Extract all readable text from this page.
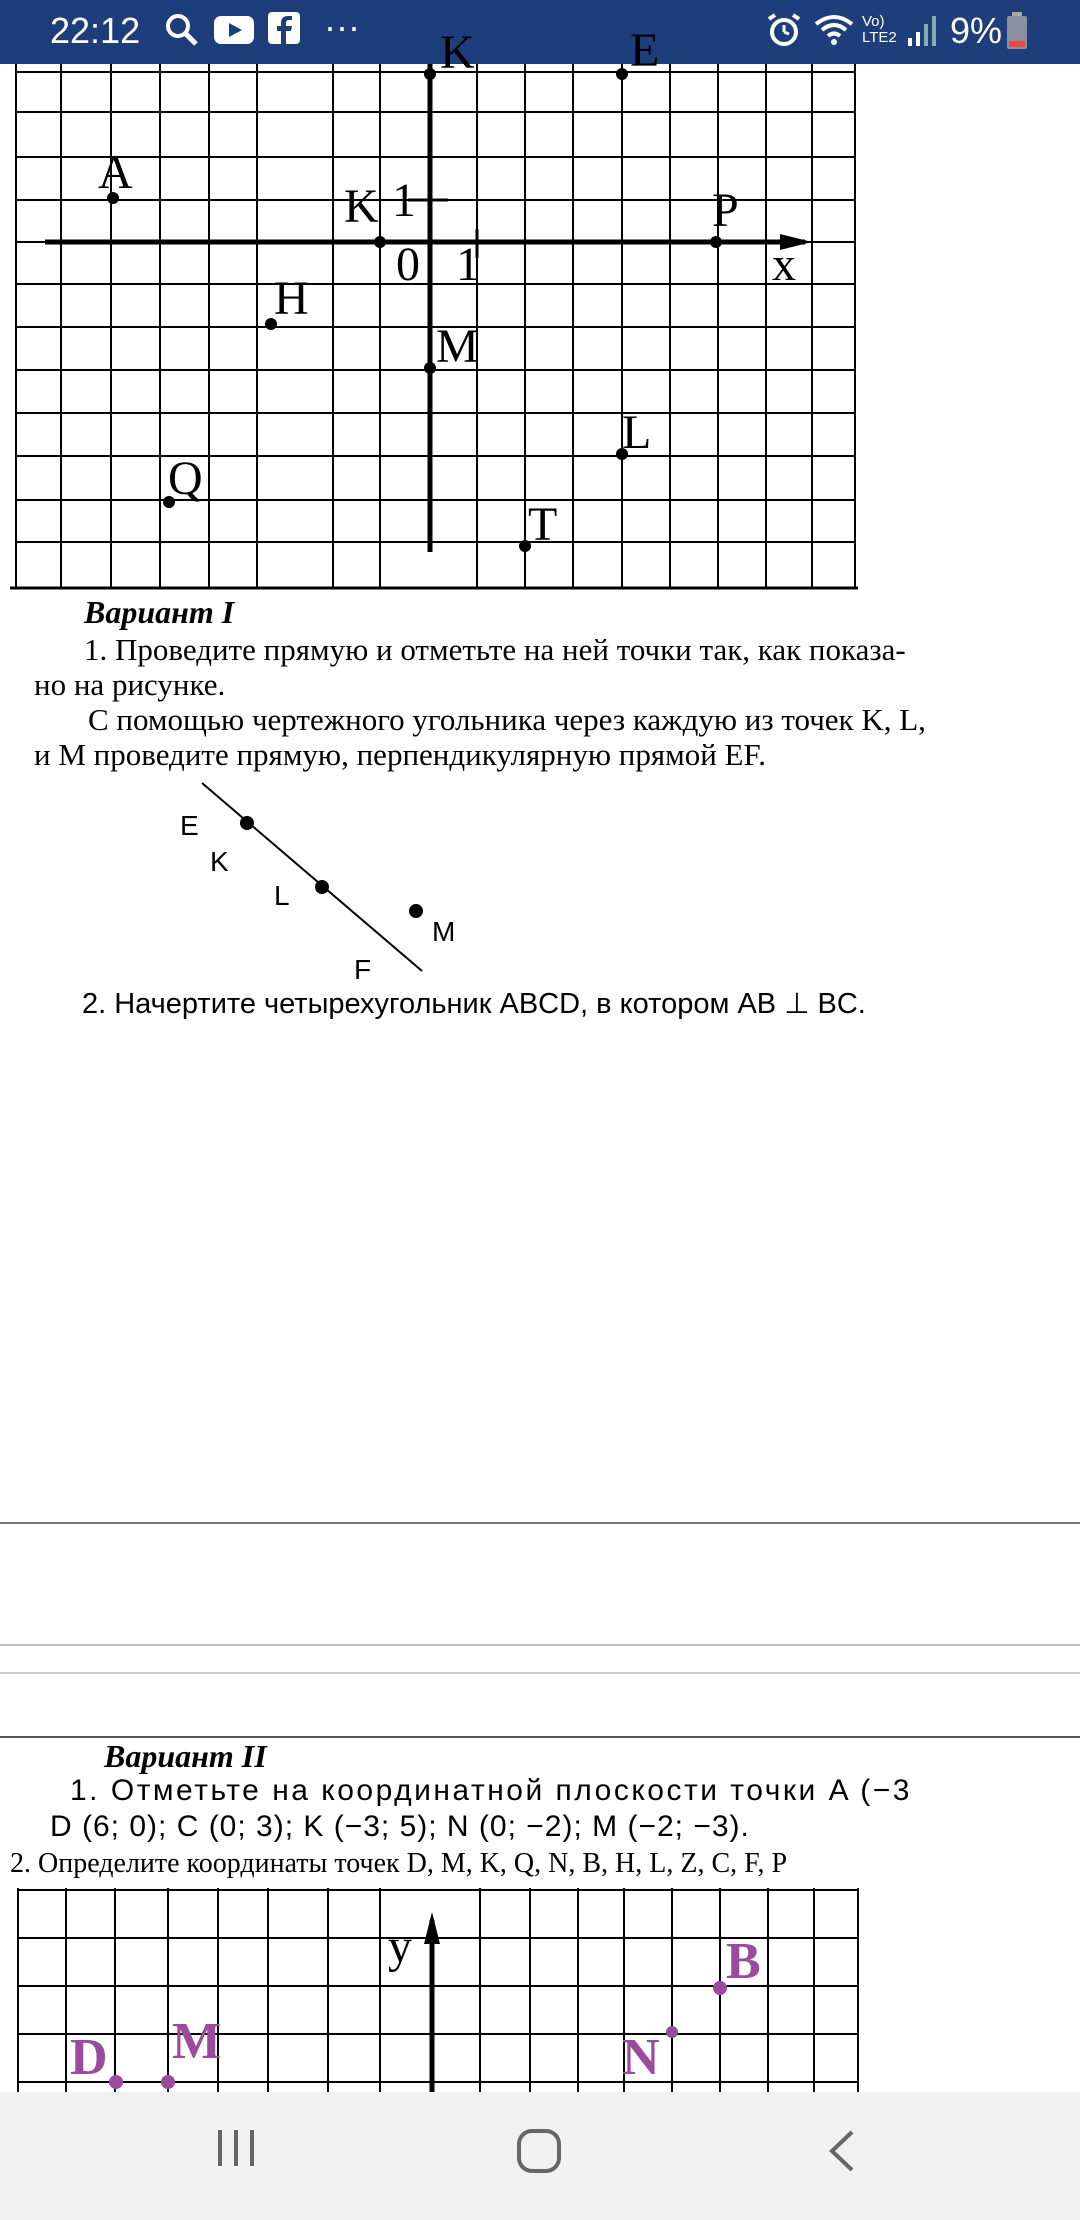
22:12	···	Vo) LTE2 9%
K	E
A
K 1	P
x
0 1
H
M
L
Q
T
Вариант I
1. Проведите прямую и отметьте на ней точки так, как показа-
но на рисунке.
С помощью чертежного угольника через каждую из точек K, L,
и M проведите прямую, перпендикулярную прямой EF.
E
K
L
M
F
2. Начертите четырехугольник ABCD, в котором AB ⊥ BC.
Вариант II
1. Отметьте на координатной плоскости точки A (−3
D (6; 0); C (0; 3); K (−3; 5); N (0; −2); M (−2; −3).
2. Определите координаты точек D, M, K, Q, N, B, H, L, Z, C, F, P
y	B
D M	N
